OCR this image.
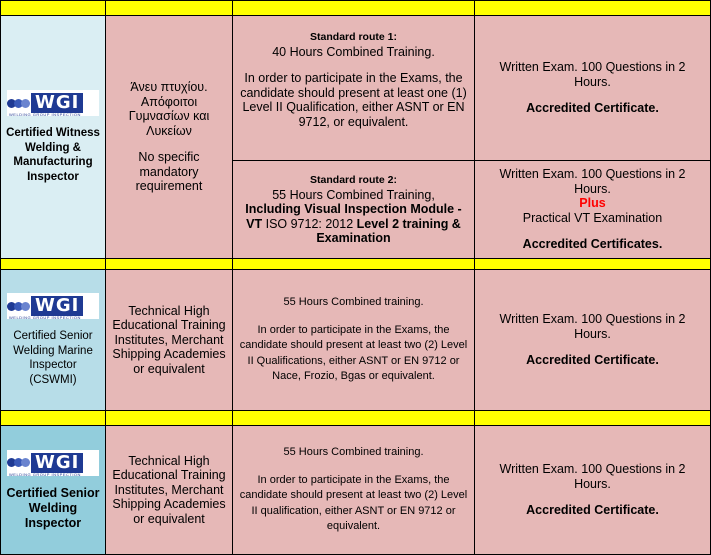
WGI
WELDING GROUP INSPECTION
Certified Witness Welding & Manufacturing Inspector
Άνευ πτυχίου.
Απόφοιτοι
Γυμνασίων και
Λυκείων
No specific
mandatory
requirement
Standard route 1:
40 Hours Combined Training.
In order to participate in the Exams, the candidate should present at least one (1) Level II Qualification, either ASNT or EN 9712, or equivalent.
Written Exam. 100 Questions in 2 Hours.
Accredited Certificate.
Standard route 2:
55 Hours Combined Training,
Including Visual Inspection Module -
VT ISO 9712: 2012 Level 2 training &
Examination
Written Exam. 100 Questions in 2 Hours.
Plus
Practical VT Examination
Accredited Certificates.
WGI
WELDING GROUP INSPECTION
Certified Senior Welding Marine Inspector (CSWMI)
Technical High Educational Training Institutes, Merchant Shipping Academies or equivalent
55 Hours Combined training.
In order to participate in the Exams, the candidate should present at least two (2) Level II Qualifications, either ASNT or EN 9712 or Nace, Frozio, Bgas or equivalent.
Written Exam. 100 Questions in 2 Hours.
Accredited Certificate.
WGI
WELDING GROUP INSPECTION
Certified Senior Welding Inspector
Technical High Educational Training Institutes, Merchant Shipping Academies or equivalent
55 Hours Combined training.
In order to participate in the Exams, the candidate should present at least two (2) Level II qualification, either ASNT or EN 9712 or equivalent.
Written Exam. 100 Questions in 2 Hours.
Accredited Certificate.
